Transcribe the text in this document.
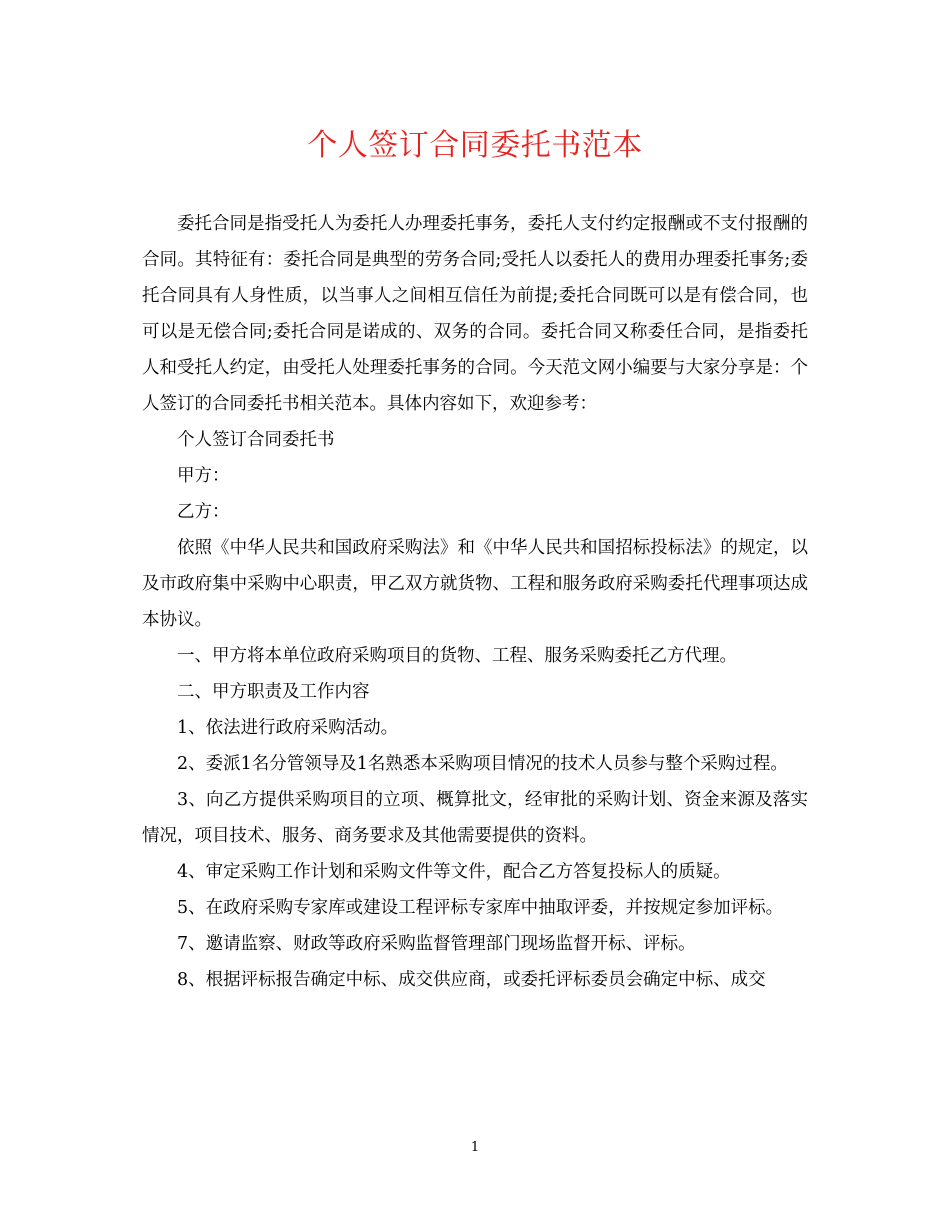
个人签订合同委托书范本

委托合同是指受托人为委托人办理委托事务，委托人支付约定报酬或不支付报酬的合同。其特征有：委托合同是典型的劳务合同;受托人以委托人的费用办理委托事务;委托合同具有人身性质，以当事人之间相互信任为前提;委托合同既可以是有偿合同，也可以是无偿合同;委托合同是诺成的、双务的合同。委托合同又称委任合同，是指委托人和受托人约定，由受托人处理委托事务的合同。今天范文网小编要与大家分享是：个人签订的合同委托书相关范本。具体内容如下，欢迎参考：

个人签订合同委托书

甲方：

乙方：

依照《中华人民共和国政府采购法》和《中华人民共和国招标投标法》的规定，以及市政府集中采购中心职责，甲乙双方就货物、工程和服务政府采购委托代理事项达成本协议。

一、甲方将本单位政府采购项目的货物、工程、服务采购委托乙方代理。

二、甲方职责及工作内容

1、依法进行政府采购活动。

2、委派1名分管领导及1名熟悉本采购项目情况的技术人员参与整个采购过程。

3、向乙方提供采购项目的立项、概算批文，经审批的采购计划、资金来源及落实情况，项目技术、服务、商务要求及其他需要提供的资料。

4、审定采购工作计划和采购文件等文件，配合乙方答复投标人的质疑。

5、在政府采购专家库或建设工程评标专家库中抽取评委，并按规定参加评标。

7、邀请监察、财政等政府采购监督管理部门现场监督开标、评标。

8、根据评标报告确定中标、成交供应商，或委托评标委员会确定中标、成交

1
